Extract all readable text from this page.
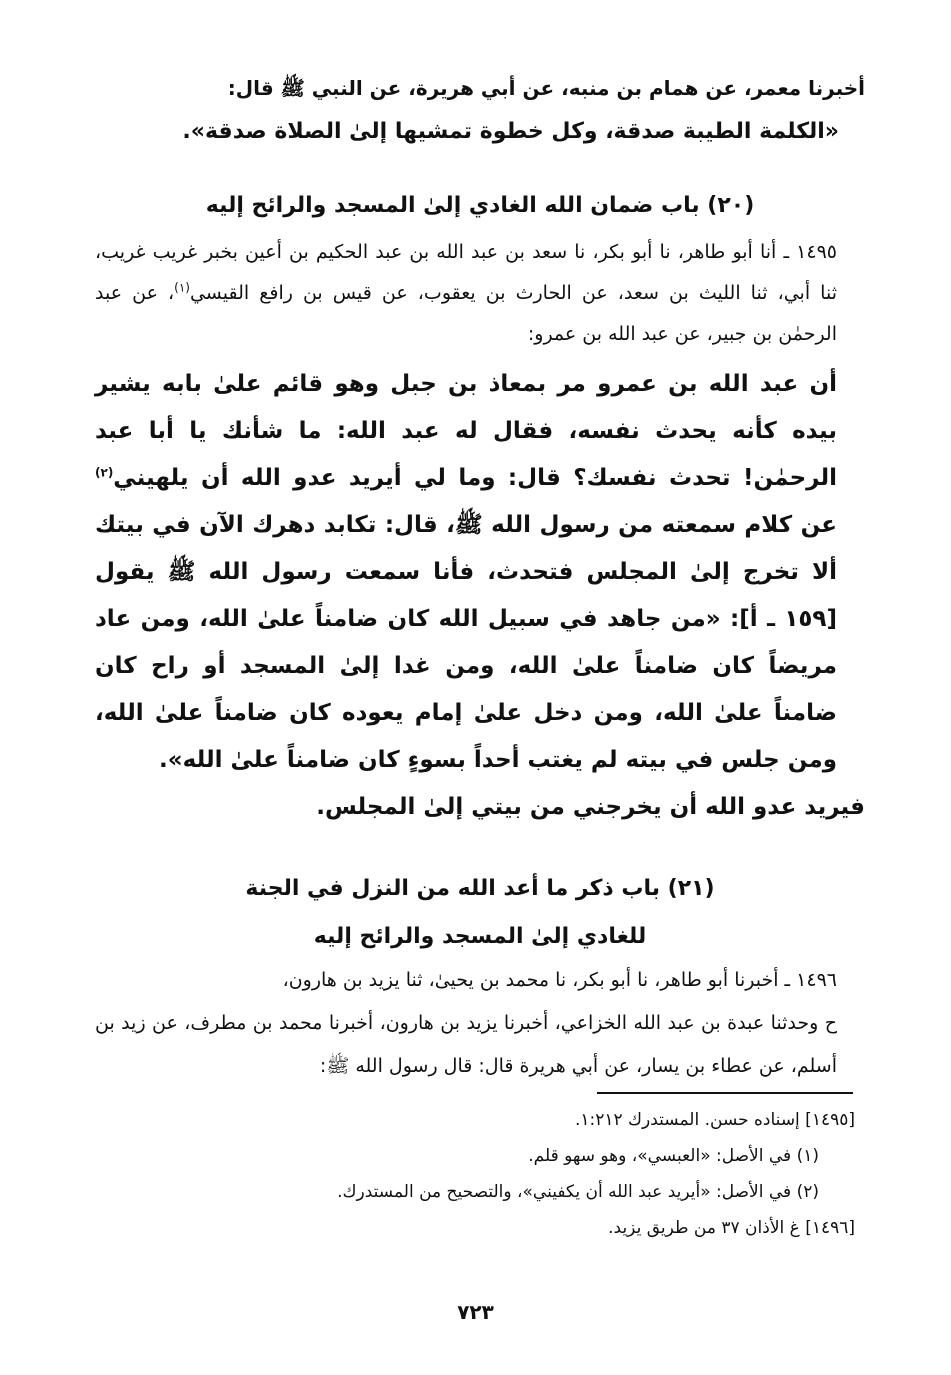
أخبرنا معمر، عن همام بن منبه، عن أبي هريرة، عن النبي ﷺ قال:

«الكلمة الطيبة صدقة، وكل خطوة تمشيها إلىٰ الصلاة صدقة».

(٢٠) باب ضمان الله الغادي إلىٰ المسجد والرائح إليه

١٤٩٥ ـ أنا أبو طاهر، نا أبو بكر، نا سعد بن عبد الله بن عبد الحكيم بن أعين بخبر غريب غريب، ثنا أبي، ثنا الليث بن سعد، عن الحارث بن يعقوب، عن قيس بن رافع القيسي$^{(١)}$، عن عبد الرحمٰن بن جبير، عن عبد الله بن عمرو:

أن عبد الله بن عمرو مر بمعاذ بن جبل وهو قائم علىٰ بابه يشير بيده كأنه يحدث نفسه، فقال له عبد الله: ما شأنك يا أبا عبد الرحمٰن! تحدث نفسك؟ قال: وما لي أيريد عدو الله أن يلهيني$^{(٢)}$ عن كلام سمعته من رسول الله ﷺ، قال: تكابد دهرك الآن في بيتك ألا تخرج إلىٰ المجلس فتحدث، فأنا سمعت رسول الله ﷺ يقول [١٥٩ ـ أ]: «من جاهد في سبيل الله كان ضامناً علىٰ الله، ومن عاد مريضاً كان ضامناً علىٰ الله، ومن غدا إلىٰ المسجد أو راح كان ضامناً علىٰ الله، ومن دخل علىٰ إمام يعوده كان ضامناً علىٰ الله، ومن جلس في بيته لم يغتب أحداً بسوءٍ كان ضامناً علىٰ الله».

فيريد عدو الله أن يخرجني من بيتي إلىٰ المجلس.

(٢١) باب ذكر ما أعد الله من النزل في الجنة
للغادي إلىٰ المسجد والرائح إليه

١٤٩٦ ـ أخبرنا أبو طاهر، نا أبو بكر، نا محمد بن يحيىٰ، ثنا يزيد بن هارون،

ح وحدثنا عبدة بن عبد الله الخزاعي، أخبرنا يزيد بن هارون، أخبرنا محمد بن مطرف، عن زيد بن أسلم، عن عطاء بن يسار، عن أبي هريرة قال: قال رسول الله ﷺ:

[١٤٩٥] إسناده حسن. المستدرك ١:٢١٢.
(١) في الأصل: «العبسي»، وهو سهو قلم.
(٢) في الأصل: «أيريد عبد الله أن يكفيني»، والتصحيح من المستدرك.
[١٤٩٦] غ الأذان ٣٧ من طريق يزيد.
٧٢٣
